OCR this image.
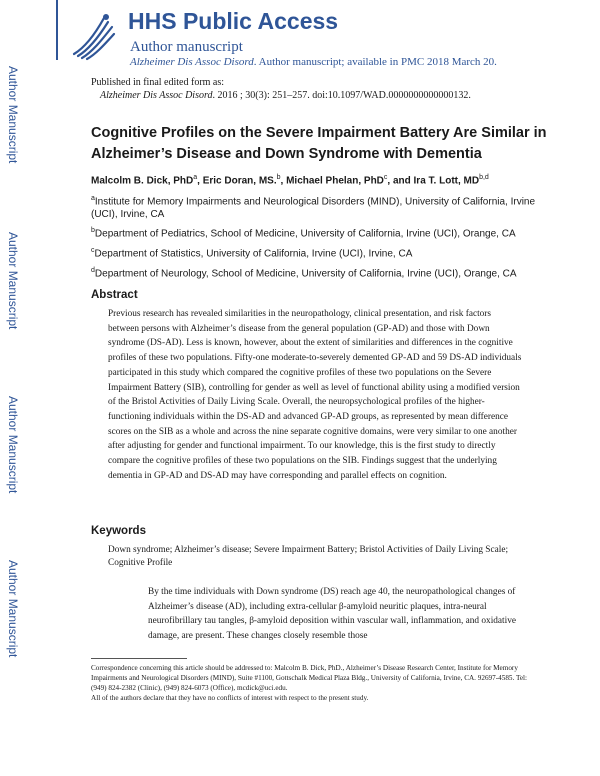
Author Manuscript
Author Manuscript
Author Manuscript
Author Manuscript
HHS Public Access
Author manuscript
Alzheimer Dis Assoc Disord. Author manuscript; available in PMC 2018 March 20.
Published in final edited form as:
Alzheimer Dis Assoc Disord. 2016 ; 30(3): 251–257. doi:10.1097/WAD.0000000000000132.
Cognitive Profiles on the Severe Impairment Battery Are Similar in Alzheimer’s Disease and Down Syndrome with Dementia
Malcolm B. Dick, PhD$^a$, Eric Doran, MS.$^b$, Michael Phelan, PhD$^c$, and Ira T. Lott, MD$^{b,d}$
$^a$Institute for Memory Impairments and Neurological Disorders (MIND), University of California, Irvine (UCI), Irvine, CA
$^b$Department of Pediatrics, School of Medicine, University of California, Irvine (UCI), Orange, CA
$^c$Department of Statistics, University of California, Irvine (UCI), Irvine, CA
$^d$Department of Neurology, School of Medicine, University of California, Irvine (UCI), Orange, CA
Abstract

Previous research has revealed similarities in the neuropathology, clinical presentation, and risk factors between persons with Alzheimer’s disease from the general population (GP-AD) and those with Down syndrome (DS-AD). Less is known, however, about the extent of similarities and differences in the cognitive profiles of these two populations. Fifty-one moderate-to-severely demented GP-AD and 59 DS-AD individuals participated in this study which compared the cognitive profiles of these two populations on the Severe Impairment Battery (SIB), controlling for gender as well as level of functional ability using a modified version of the Bristol Activities of Daily Living Scale. Overall, the neuropsychological profiles of the higher-functioning individuals within the DS-AD and advanced GP-AD groups, as represented by mean difference scores on the SIB as a whole and across the nine separate cognitive domains, were very similar to one another after adjusting for gender and functional impairment. To our knowledge, this is the first study to directly compare the cognitive profiles of these two populations on the SIB. Findings suggest that the underlying dementia in GP-AD and DS-AD may have corresponding and parallel effects on cognition.

Keywords

Down syndrome; Alzheimer’s disease; Severe Impairment Battery; Bristol Activities of Daily Living Scale; Cognitive Profile

By the time individuals with Down syndrome (DS) reach age 40, the neuropathological changes of Alzheimer’s disease (AD), including extra-cellular β-amyloid neuritic plaques, intra-neural neurofibrillary tau tangles, β-amyloid deposition within vascular wall, inflammation, and oxidative damage, are present. These changes closely resemble those

Correspondence concerning this article should be addressed to: Malcolm B. Dick, PhD., Alzheimer’s Disease Research Center, Institute for Memory Impairments and Neurological Disorders (MIND), Suite #1100, Gottschalk Medical Plaza Bldg., University of California, Irvine, CA. 92697-4585. Tel: (949) 824-2382 (Clinic), (949) 824-6073 (Office), mcdick@uci.edu.

All of the authors declare that they have no conflicts of interest with respect to the present study.
